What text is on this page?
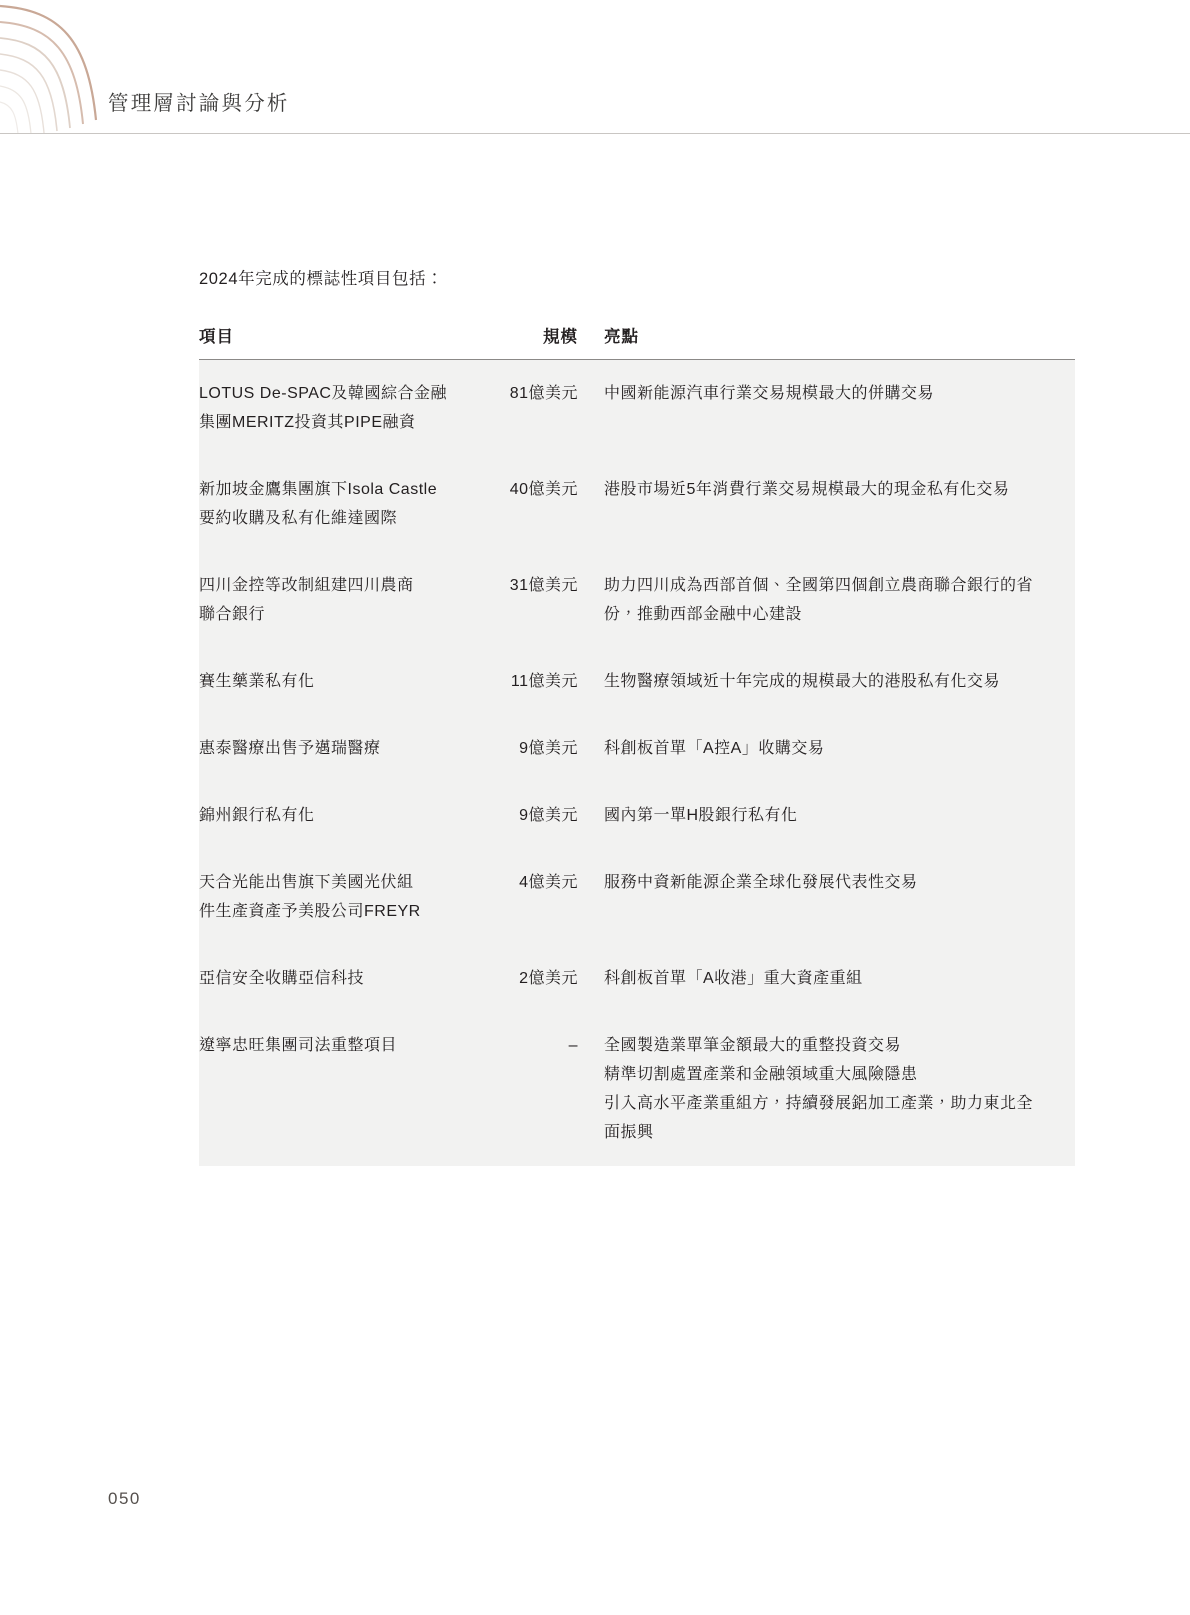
管理層討論與分析
2024年完成的標誌性項目包括：
項目	規模	亮點

LOTUS De-SPAC及韓國綜合金融
集團MERITZ投資其PIPE融資	81億美元	中國新能源汽車行業交易規模最大的併購交易

新加坡金鷹集團旗下Isola Castle
要約收購及私有化維達國際	40億美元	港股市場近5年消費行業交易規模最大的現金私有化交易

四川金控等改制組建四川農商
聯合銀行
	31億美元	助力四川成為西部首個、全國第四個創立農商聯合銀行的省
份，推動西部金融中心建設

賽生藥業私有化	11億美元	生物醫療領域近十年完成的規模最大的港股私有化交易

惠泰醫療出售予邁瑞醫療	9億美元	科創板首單「A控A」收購交易

錦州銀行私有化	9億美元	國內第一單H股銀行私有化

天合光能出售旗下美國光伏組
件生產資產予美股公司FREYR	4億美元	服務中資新能源企業全球化發展代表性交易

亞信安全收購亞信科技	2億美元	科創板首單「A收港」重大資產重組

遼寧忠旺集團司法重整項目	–	全國製造業單筆金額最大的重整投資交易
精準切割處置產業和金融領域重大風險隱患
引入高水平產業重組方，持續發展鋁加工產業，助力東北全
面振興
050
